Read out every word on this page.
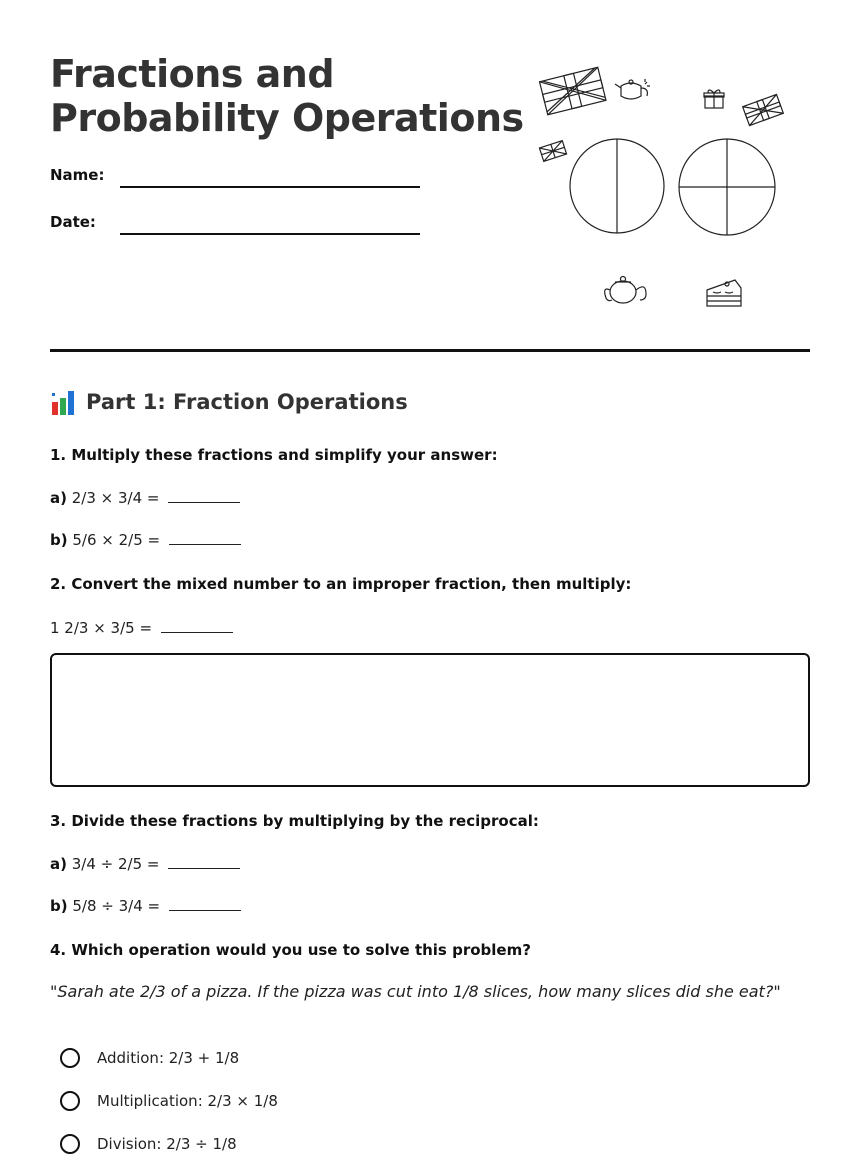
Fractions and
Probability Operations
Name:
Date:
Part 1: Fraction Operations

1. Multiply these fractions and simplify your answer:

a) 2/3 × 3/4 =
b) 5/6 × 2/5 =

2. Convert the mixed number to an improper fraction, then multiply:

1 2/3 × 3/5 =

3. Divide these fractions by multiplying by the reciprocal:

a) 3/4 ÷ 2/5 =
b) 5/8 ÷ 3/4 =

4. Which operation would you use to solve this problem?

"Sarah ate 2/3 of a pizza. If the pizza was cut into 1/8 slices, how many slices did she eat?"
Addition: 2/3 + 1/8
Multiplication: 2/3 × 1/8
Division: 2/3 ÷ 1/8
